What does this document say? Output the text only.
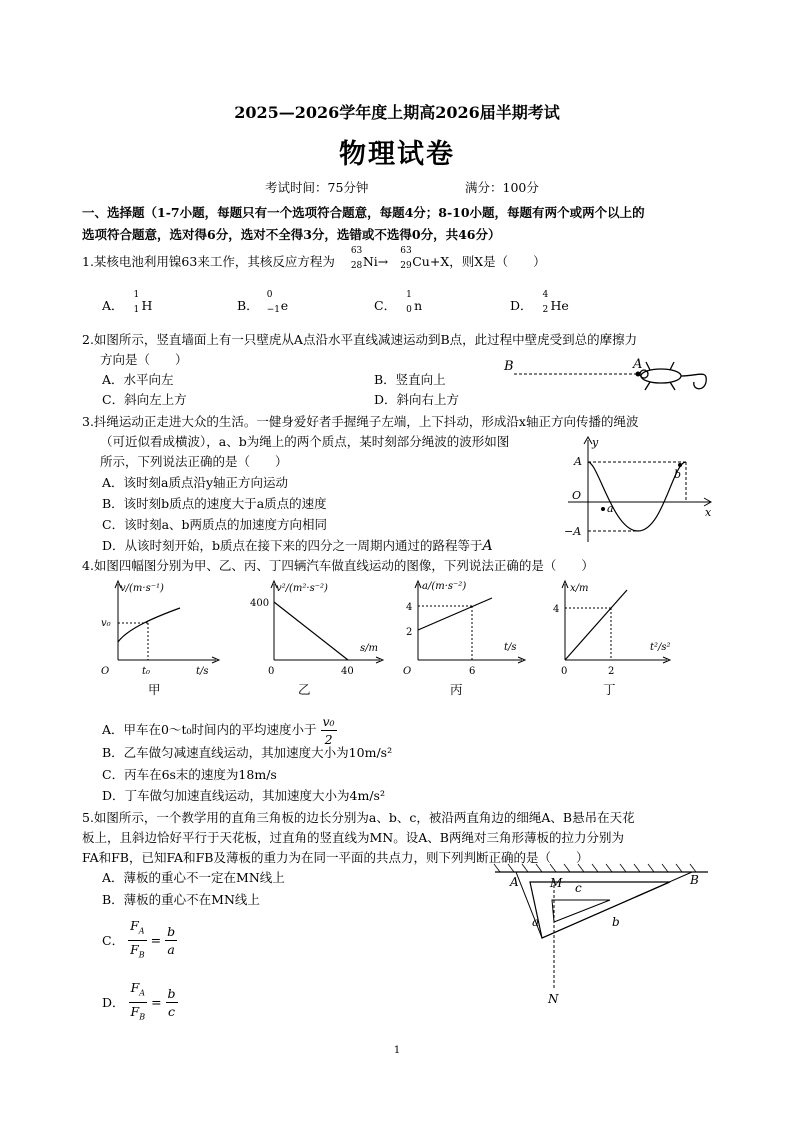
2025—2026学年度上期高2026届半期考试
物理试卷
考试时间：75分钟	满分：100分
一、选择题（1-7小题，每题只有一个选项符合题意，每题4分；8-10小题，每题有两个或两个以上的
选项符合题意，选对得6分，选对不全得3分，选错或不选得0分，共46分）
1.某核电池利用镍63来工作，其核反应方程为
63
28 Ni→
63
29 Cu+X，则X是（　　）
A．
1
1 H	B．
0
−1 e	C．
1
0 n	D．
4
2 He
2.如图所示，竖直墙面上有一只壁虎从A点沿水平直线减速运动到B点，此过程中壁虎受到总的摩擦力
方向是（　　）
A．水平向左	B．竖直向上
C．斜向左上方	D．斜向右上方
B	A
3.抖绳运动正走进大众的生活。一健身爱好者手握绳子左端，上下抖动，形成沿x轴正方向传播的绳波
（可近似看成横波），a、b为绳上的两个质点，某时刻部分绳波的波形如图
所示，下列说法正确的是（　　）
A．该时刻a质点沿y轴正方向运动
B．该时刻b质点的速度大于a质点的速度
C．该时刻a、b两质点的加速度方向相同
D．从该时刻开始，b质点在接下来的四分之一周期内通过的路程等于A
y
x
O
A
−A
a
b
4.如图四幅图分别为甲、乙、丙、丁四辆汽车做直线运动的图像，下列说法正确的是（　　）
v/(m·s⁻¹)
t/s
O
v₀
t₀
甲
v²/(m²·s⁻²)
s/m
0
400
40
乙
a/(m·s⁻²)
t/s
O
4
2
6
丙
x/m
t²/s²
0
4
2
丁
A．甲车在0～t₀时间内的平均速度小于 $\frac{\text{v₀}}{2}$
B．乙车做匀减速直线运动，其加速度大小为10m/s²
C．丙车在6s末的速度为18m/s
D．丁车做匀加速直线运动，其加速度大小为4m/s²
5.如图所示，一个教学用的直角三角板的边长分别为a、b、c，被沿两直角边的细绳A、B悬吊在天花
板上，且斜边恰好平行于天花板，过直角的竖直线为MN。设A、B两绳对三角形薄板的拉力分别为
FA和FB，已知FA和FB及薄板的重力为在同一平面的共点力，则下列判断正确的是（　　）
A．薄板的重心不一定在MN线上
B．薄板的重心不在MN线上
C． $\frac{F_A}{F_B} = \frac{b}{a}$
D． $\frac{F_A}{F_B} = \frac{b}{c}$
A	M	B
c
a	b
N
1
